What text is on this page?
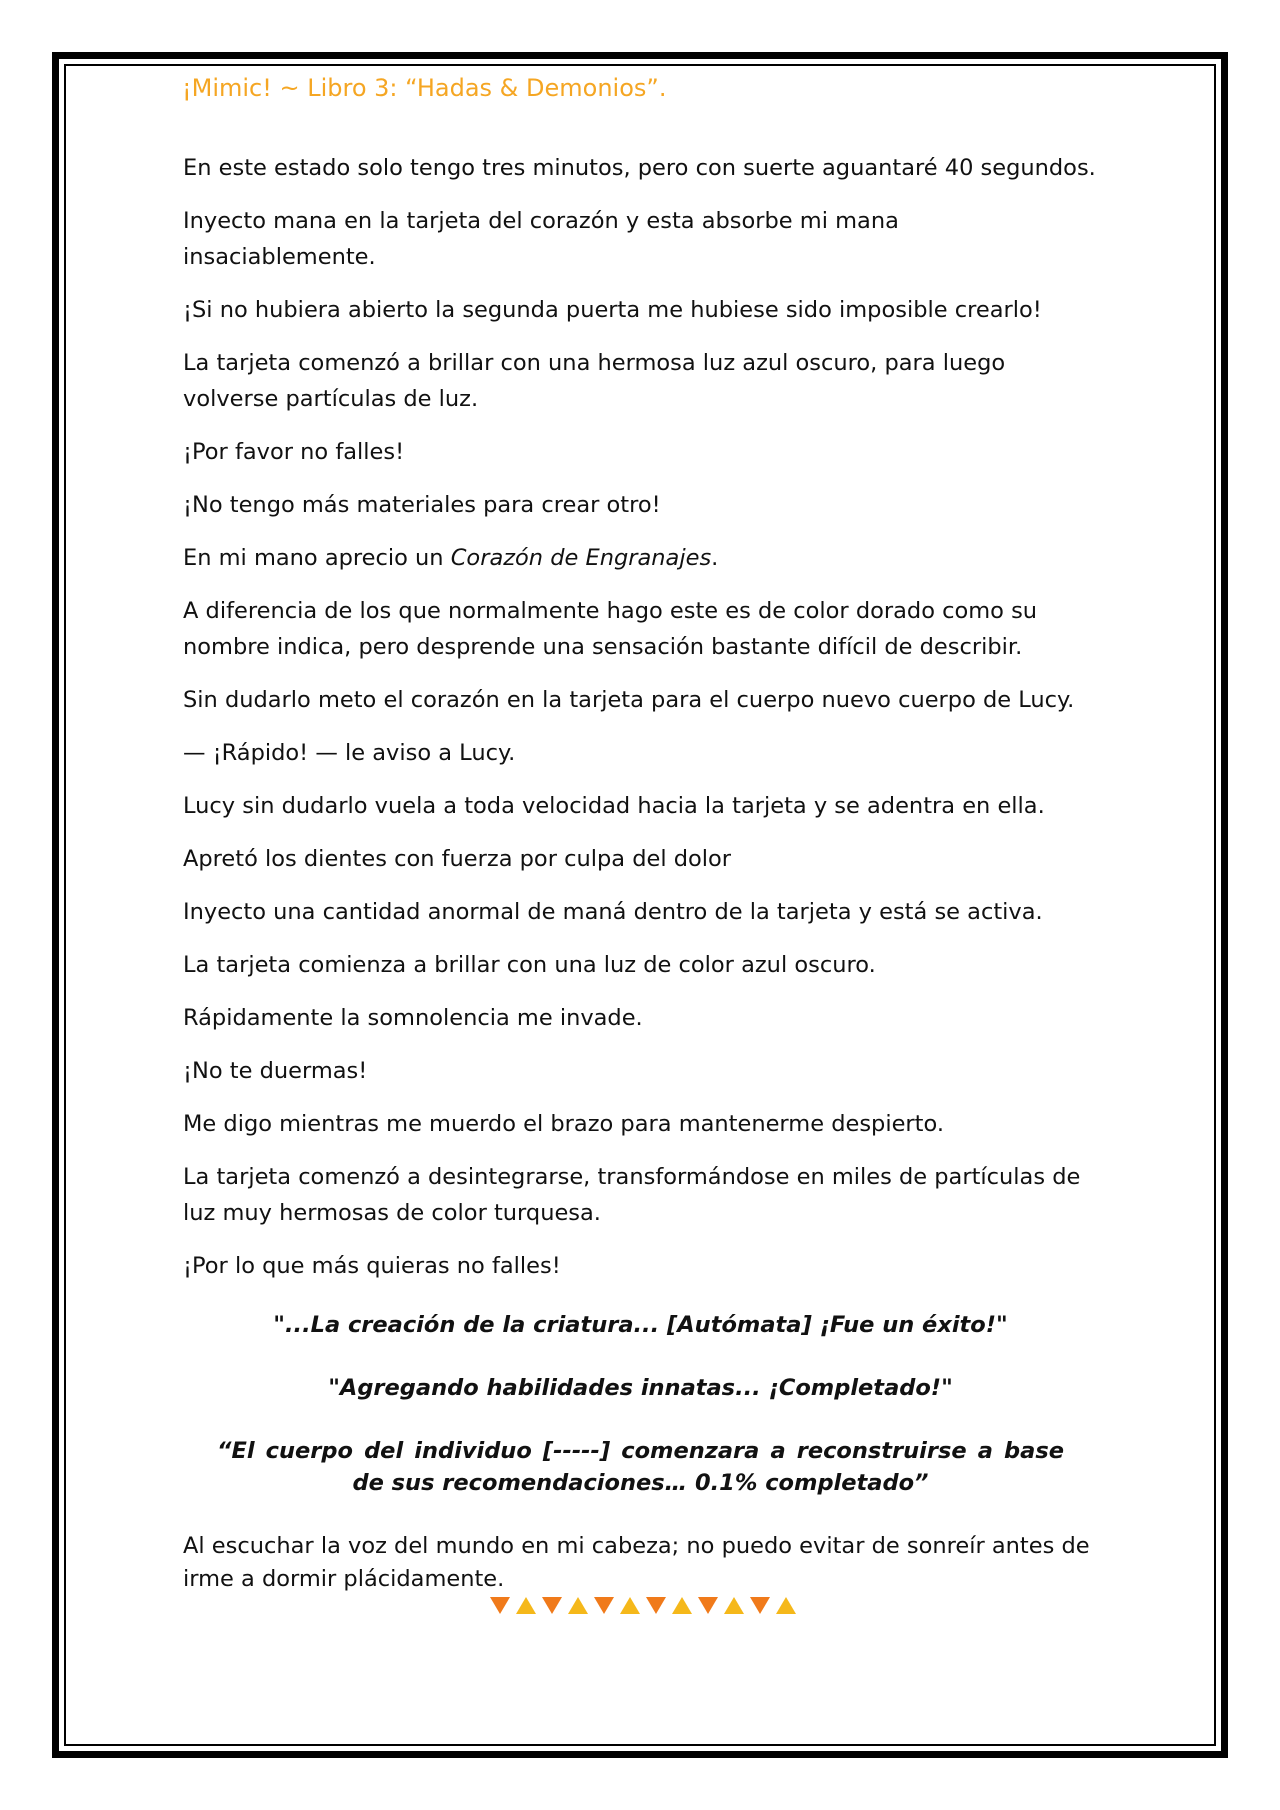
¡Mimic! ~ Libro 3: “Hadas & Demonios”.

En este estado solo tengo tres minutos, pero con suerte aguantaré 40 segundos.

Inyecto mana en la tarjeta del corazón y esta absorbe mi mana insaciablemente.

¡Si no hubiera abierto la segunda puerta me hubiese sido imposible crearlo!

La tarjeta comenzó a brillar con una hermosa luz azul oscuro, para luego volverse partículas de luz.

¡Por favor no falles!

¡No tengo más materiales para crear otro!

En mi mano aprecio un Corazón de Engranajes.

A diferencia de los que normalmente hago este es de color dorado como su nombre indica, pero desprende una sensación bastante difícil de describir.

Sin dudarlo meto el corazón en la tarjeta para el cuerpo nuevo cuerpo de Lucy.

— ¡Rápido! — le aviso a Lucy.

Lucy sin dudarlo vuela a toda velocidad hacia la tarjeta y se adentra en ella.

Apretó los dientes con fuerza por culpa del dolor

Inyecto una cantidad anormal de maná dentro de la tarjeta y está se activa.

La tarjeta comienza a brillar con una luz de color azul oscuro.

Rápidamente la somnolencia me invade.

¡No te duermas!

Me digo mientras me muerdo el brazo para mantenerme despierto.

La tarjeta comenzó a desintegrarse, transformándose en miles de partículas de luz muy hermosas de color turquesa.

¡Por lo que más quieras no falles!

"...La creación de la criatura... [Autómata] ¡Fue un éxito!"

"Agregando habilidades innatas... ¡Completado!"

“El cuerpo del individuo [-----] comenzara a reconstruirse a base de sus recomendaciones… 0.1% completado”

Al escuchar la voz del mundo en mi cabeza; no puedo evitar de sonreír antes de irme a dormir plácidamente.
